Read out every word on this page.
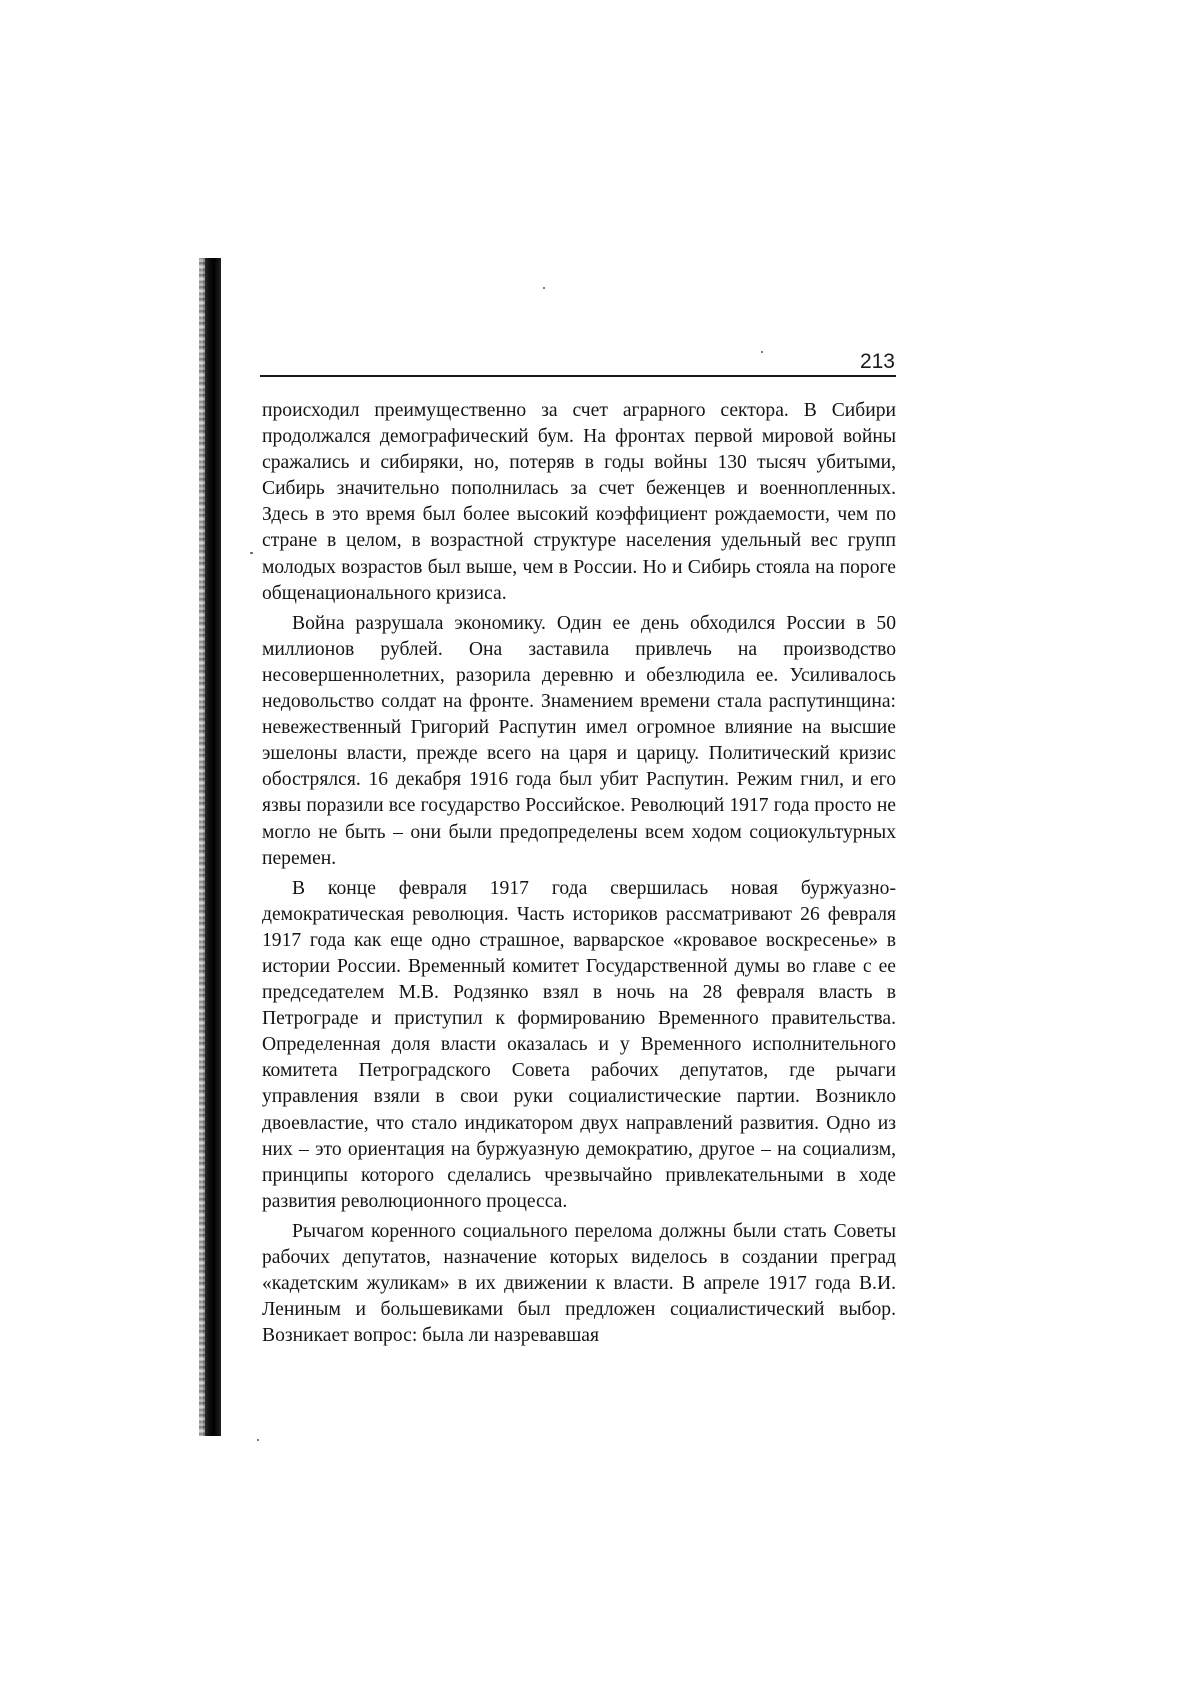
213

происходил преимущественно за счет аграрного сектора. В Сибири продолжался демографический бум. На фронтах первой мировой войны сражались и сибиряки, но, потеряв в годы войны 130 тысяч убитыми, Сибирь значительно пополнилась за счет беженцев и военнопленных. Здесь в это время был более высокий коэффициент рождаемости, чем по стране в целом, в возрастной структуре населения удельный вес групп молодых возрастов был выше, чем в России. Но и Сибирь стояла на пороге общенационального кризиса.

Война разрушала экономику. Один ее день обходился России в 50 миллионов рублей. Она заставила привлечь на производство несовершеннолетних, разорила деревню и обезлюдила ее. Усиливалось недовольство солдат на фронте. Знамением времени стала распутинщина: невежественный Григорий Распутин имел огромное влияние на высшие эшелоны власти, прежде всего на царя и царицу. Политический кризис обострялся. 16 декабря 1916 года был убит Распутин. Режим гнил, и его язвы поразили все государство Российское. Революций 1917 года просто не могло не быть – они были предопределены всем ходом социокультурных перемен.

В конце февраля 1917 года свершилась новая буржуазно-демократическая революция. Часть историков рассматривают 26 февраля 1917 года как еще одно страшное, варварское «кровавое воскресенье» в истории России. Временный комитет Государственной думы во главе с ее председателем М.В. Родзянко взял в ночь на 28 февраля власть в Петрограде и приступил к формированию Временного правительства. Определенная доля власти оказалась и у Временного исполнительного комитета Петроградского Совета рабочих депутатов, где рычаги управления взяли в свои руки социалистические партии. Возникло двоевластие, что стало индикатором двух направлений развития. Одно из них – это ориентация на буржуазную демократию, другое – на социализм, принципы которого сделались чрезвычайно привлекательными в ходе развития революционного процесса.

Рычагом коренного социального перелома должны были стать Советы рабочих депутатов, назначение которых виделось в создании преград «кадетским жуликам» в их движении к власти. В апреле 1917 года В.И. Лениным и большевиками был предложен социалистический выбор. Возникает вопрос: была ли назревавшая
